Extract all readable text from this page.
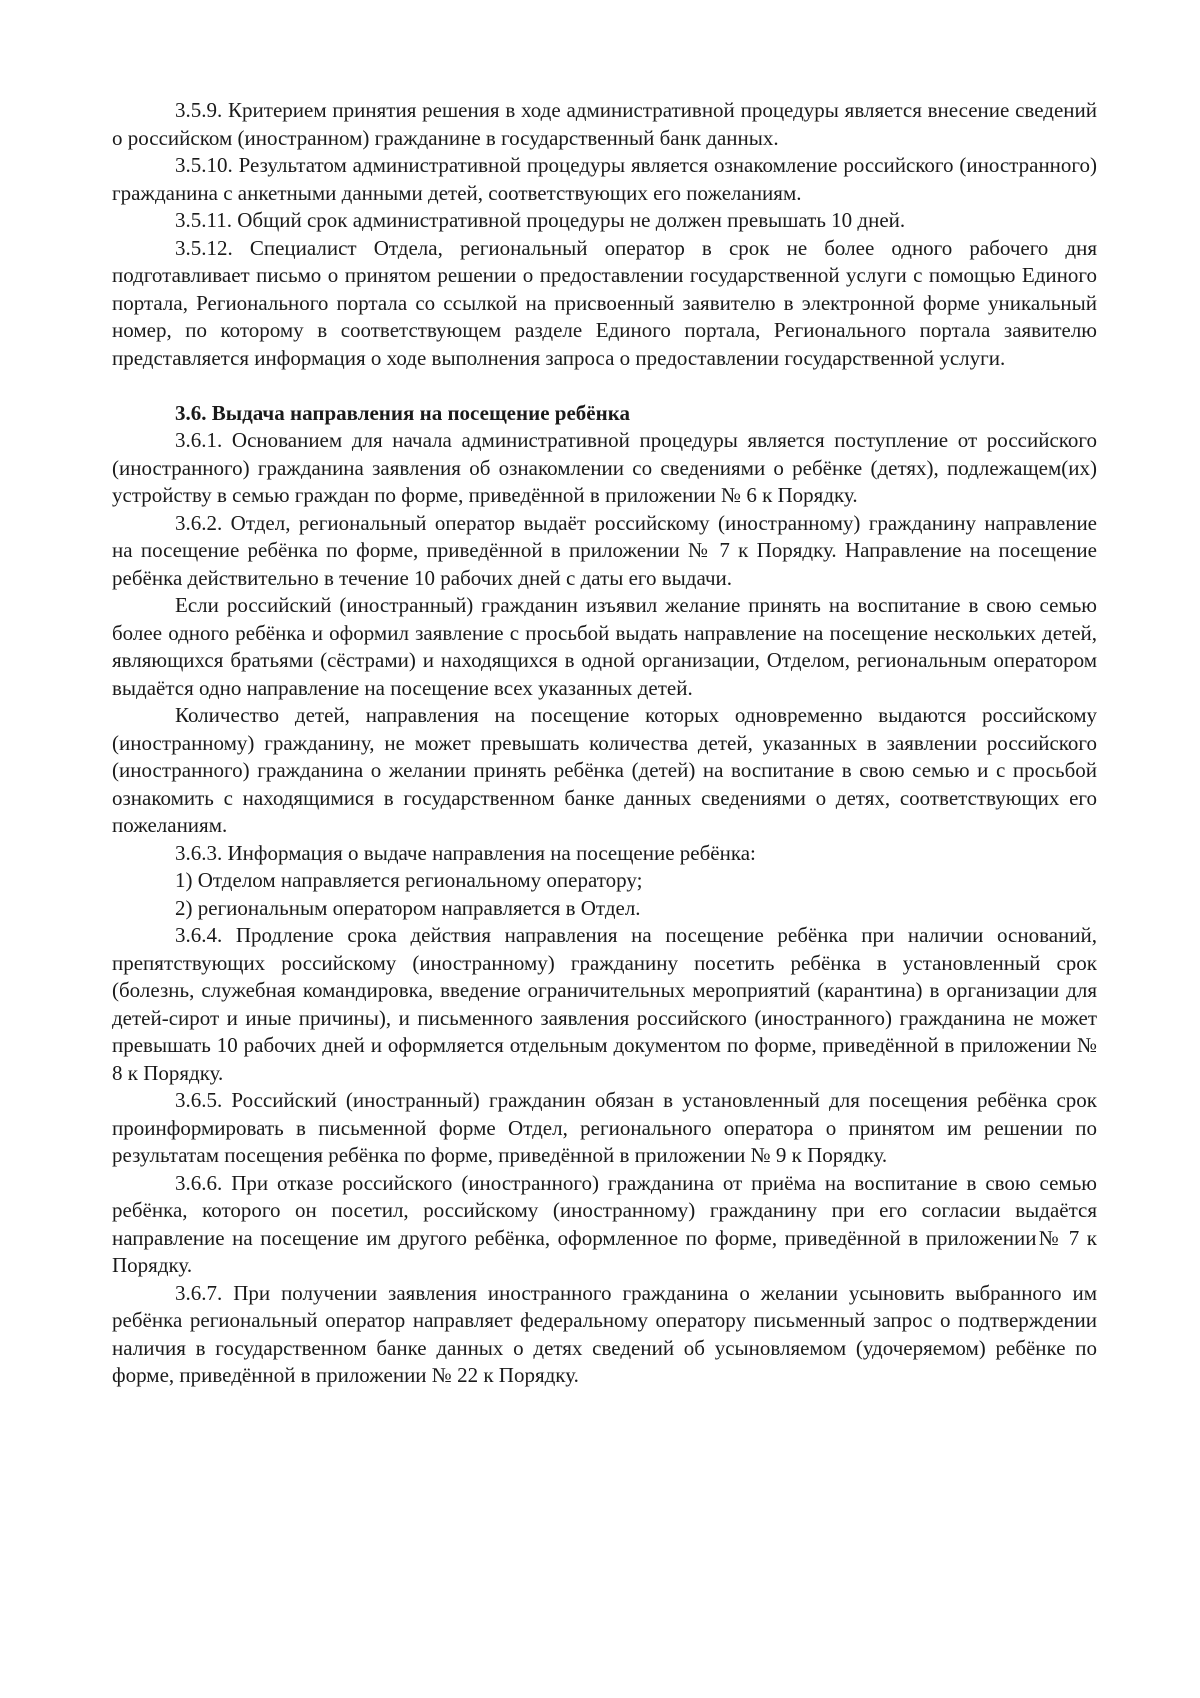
3.5.9. Критерием принятия решения в ходе административной процедуры является внесение сведений о российском (иностранном) гражданине в государственный банк данных.

3.5.10. Результатом административной процедуры является ознакомление российского (иностранного) гражданина с анкетными данными детей, соответствующих его пожеланиям.

3.5.11. Общий срок административной процедуры не должен превышать 10 дней.

3.5.12. Специалист Отдела, региональный оператор в срок не более одного рабочего дня подготавливает письмо о принятом решении о предоставлении государственной услуги с помощью Единого портала, Регионального портала со ссылкой на присвоенный заявителю в электронной форме уникальный номер, по которому в соответствующем разделе Единого портала, Регионального портала заявителю представляется информация о ходе выполнения запроса о предоставлении государственной услуги.

3.6. Выдача направления на посещение ребёнка

3.6.1. Основанием для начала административной процедуры является поступление от российского (иностранного) гражданина заявления об ознакомлении со сведениями о ребёнке (детях), подлежащем(их) устройству в семью граждан по форме, приведённой в приложении № 6 к Порядку.

3.6.2. Отдел, региональный оператор выдаёт российскому (иностранному) гражданину направление на посещение ребёнка по форме, приведённой в приложении № 7 к Порядку. Направление на посещение ребёнка действительно в течение 10 рабочих дней с даты его выдачи.

Если российский (иностранный) гражданин изъявил желание принять на воспитание в свою семью более одного ребёнка и оформил заявление с просьбой выдать направление на посещение нескольких детей, являющихся братьями (сёстрами) и находящихся в одной организации, Отделом, региональным оператором выдаётся одно направление на посещение всех указанных детей.

Количество детей, направления на посещение которых одновременно выдаются российскому (иностранному) гражданину, не может превышать количества детей, указанных в заявлении российского (иностранного) гражданина о желании принять ребёнка (детей) на воспитание в свою семью и с просьбой ознакомить с находящимися в государственном банке данных сведениями о детях, соответствующих его пожеланиям.

3.6.3. Информация о выдаче направления на посещение ребёнка:

1) Отделом направляется региональному оператору;

2) региональным оператором направляется в Отдел.

3.6.4. Продление срока действия направления на посещение ребёнка при наличии оснований, препятствующих российскому (иностранному) гражданину посетить ребёнка в установленный срок (болезнь, служебная командировка, введение ограничительных мероприятий (карантина) в организации для детей-сирот и иные причины), и письменного заявления российского (иностранного) гражданина не может превышать 10 рабочих дней и оформляется отдельным документом по форме, приведённой в приложении № 8 к Порядку.

3.6.5. Российский (иностранный) гражданин обязан в установленный для посещения ребёнка срок проинформировать в письменной форме Отдел, регионального оператора о принятом им решении по результатам посещения ребёнка по форме, приведённой в приложении № 9 к Порядку.

3.6.6. При отказе российского (иностранного) гражданина от приёма на воспитание в свою семью ребёнка, которого он посетил, российскому (иностранному) гражданину при его согласии выдаётся направление на посещение им другого ребёнка, оформленное по форме, приведённой в приложении№ 7 к Порядку.

3.6.7. При получении заявления иностранного гражданина о желании усыновить выбранного им ребёнка региональный оператор направляет федеральному оператору письменный запрос о подтверждении наличия в государственном банке данных о детях сведений об усыновляемом (удочеряемом) ребёнке по форме, приведённой в приложении № 22 к Порядку.
